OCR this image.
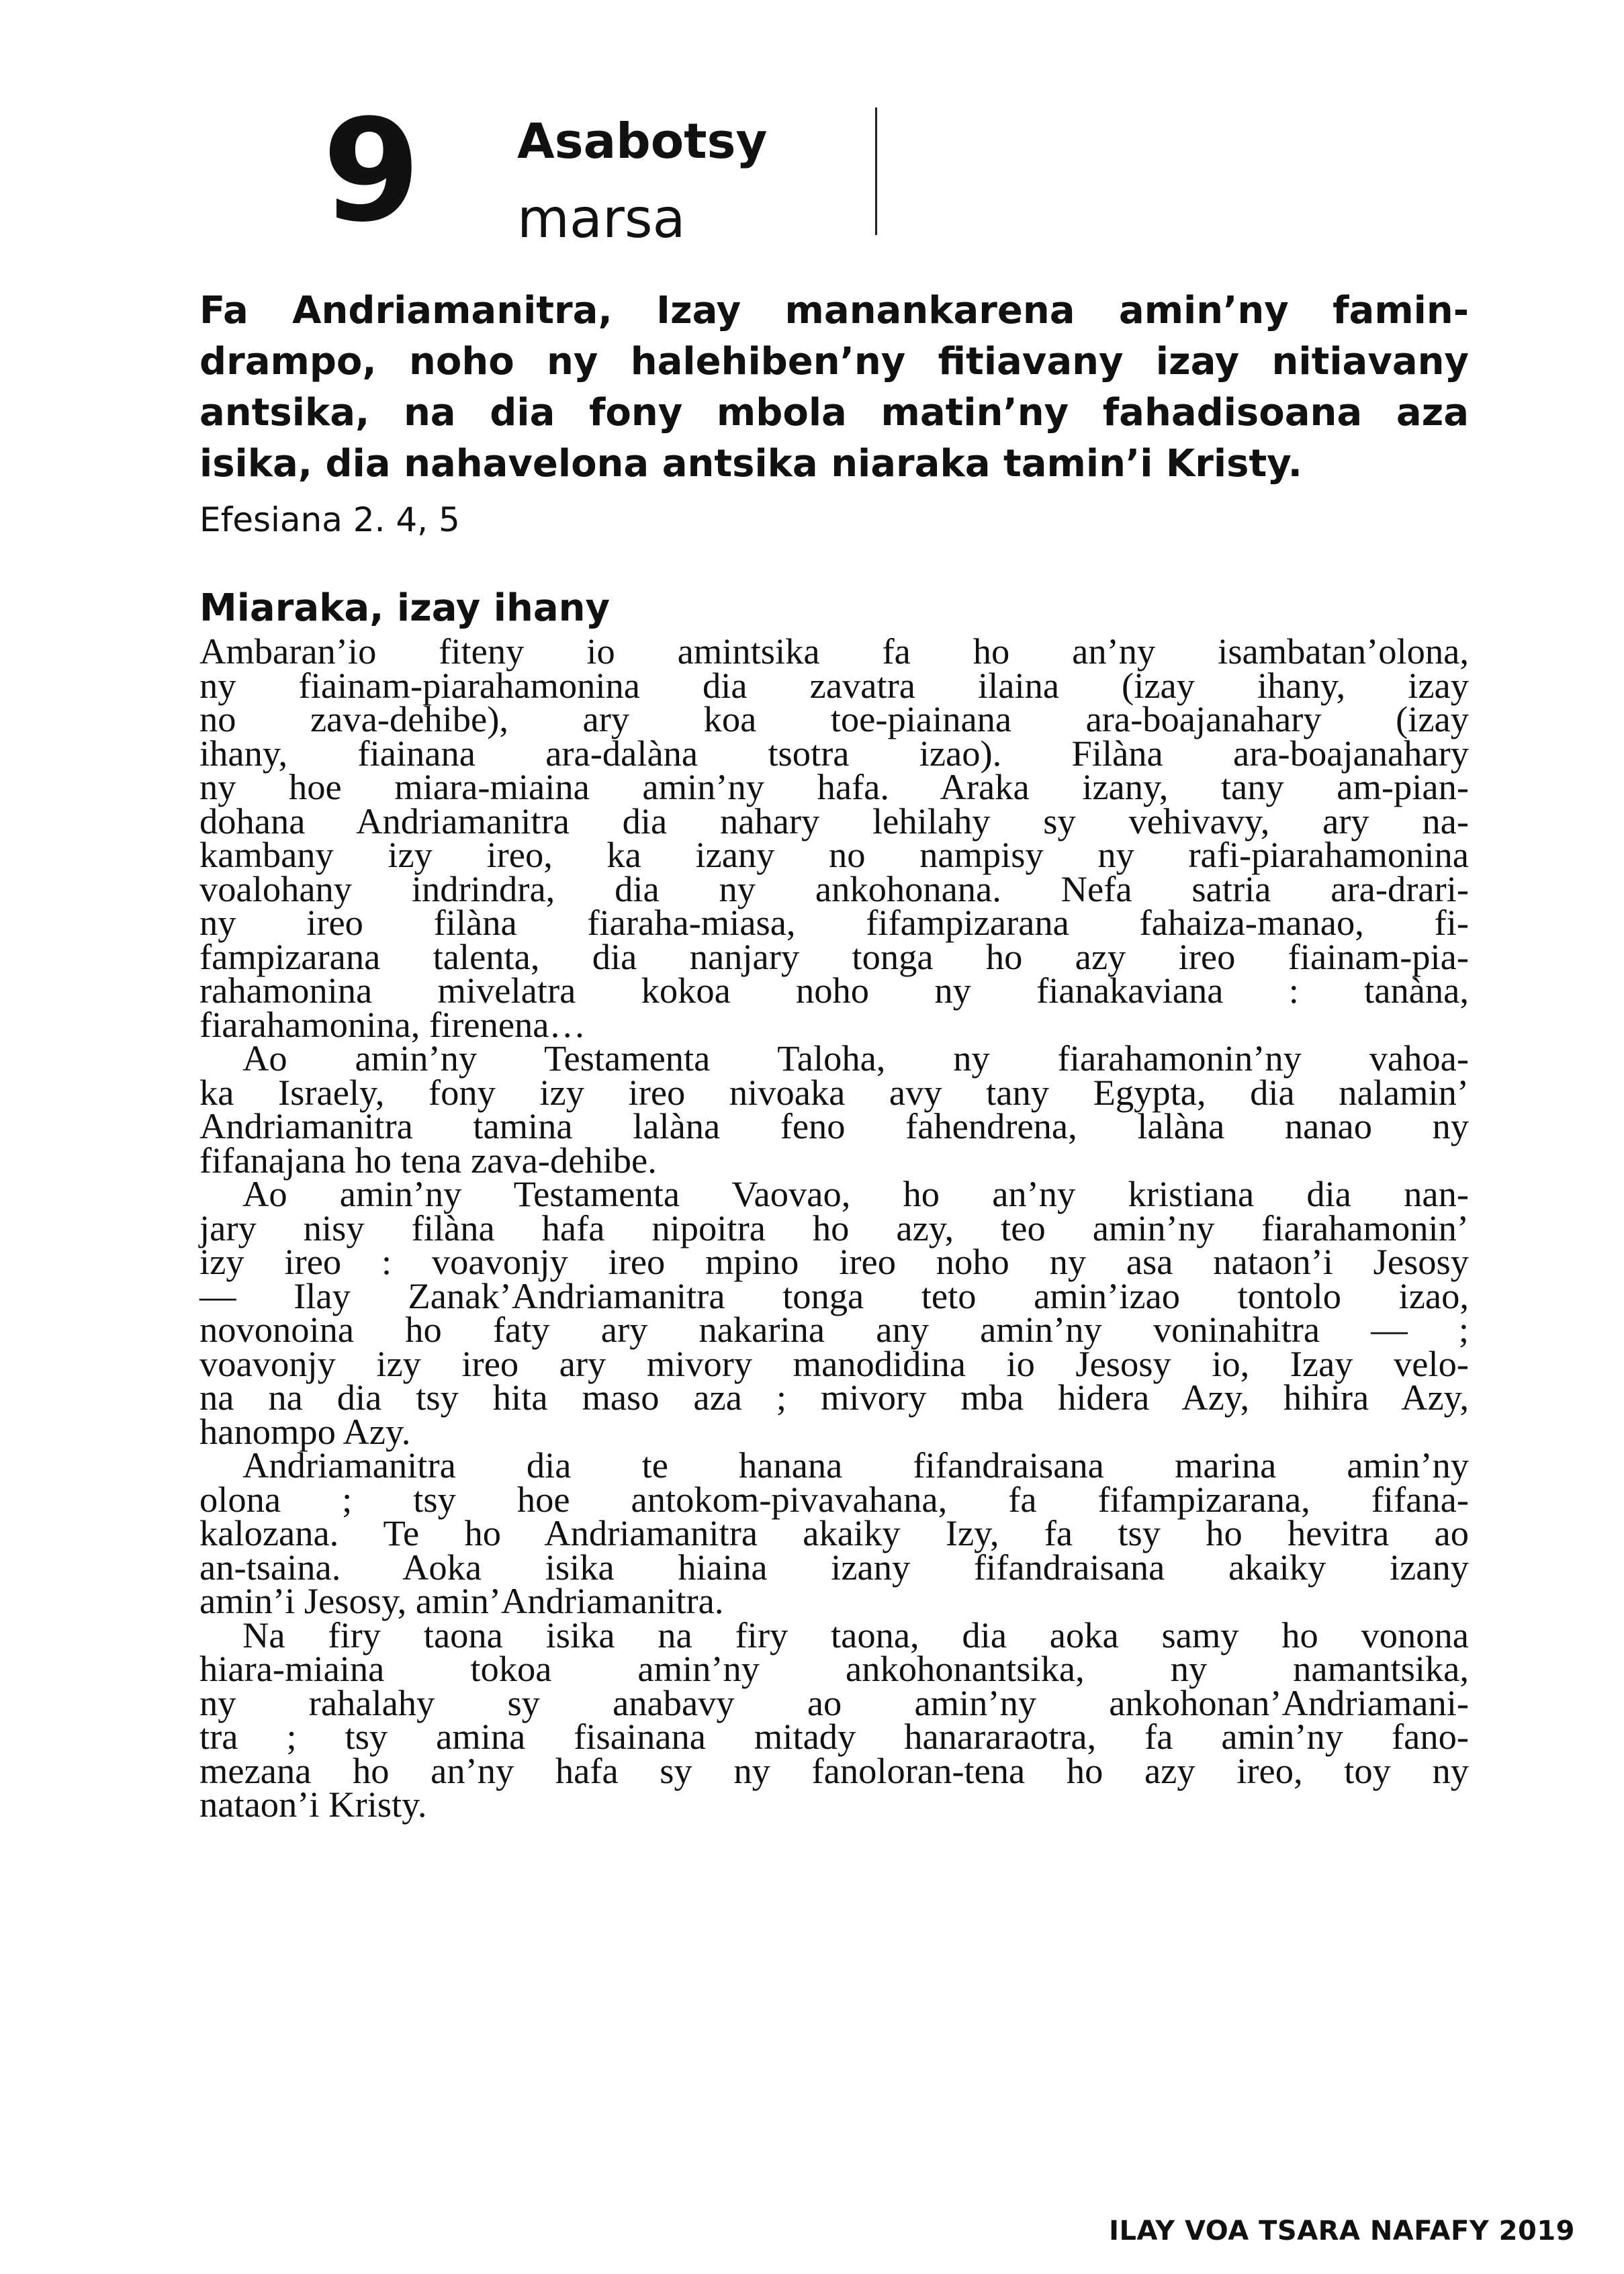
9 Asabotsy
marsa
Fa Andriamanitra, Izay manankarena amin’ny famin-
drampo, noho ny halehiben’ny fitiavany izay nitiavany
antsika, na dia fony mbola matin’ny fahadisoana aza
isika, dia nahavelona antsika niaraka tamin’i Kristy.
Efesiana 2. 4, 5
Miaraka, izay ihany
Ambaran’io fiteny io amintsika fa ho an’ny isambatan’olona,
ny fiainam-piarahamonina dia zavatra ilaina (izay ihany, izay
no zava-dehibe), ary koa toe-piainana ara-boajanahary (izay
ihany, fiainana ara-dalàna tsotra izao). Filàna ara-boajanahary
ny hoe miara-miaina amin’ny hafa. Araka izany, tany am-pian-
dohana Andriamanitra dia nahary lehilahy sy vehivavy, ary na-
kambany izy ireo, ka izany no nampisy ny rafi-piarahamonina
voalohany indrindra, dia ny ankohonana. Nefa satria ara-drari-
ny ireo filàna fiaraha-miasa, fifampizarana fahaiza-manao, fi-
fampizarana talenta, dia nanjary tonga ho azy ireo fiainam-pia-
rahamonina mivelatra kokoa noho ny fianakaviana : tanàna,
fiarahamonina, firenena…
Ao amin’ny Testamenta Taloha, ny fiarahamonin’ny vahoa-
ka Israely, fony izy ireo nivoaka avy tany Egypta, dia nalamin’
Andriamanitra tamina lalàna feno fahendrena, lalàna nanao ny
fifanajana ho tena zava-dehibe.
Ao amin’ny Testamenta Vaovao, ho an’ny kristiana dia nan-
jary nisy filàna hafa nipoitra ho azy, teo amin’ny fiarahamonin’
izy ireo : voavonjy ireo mpino ireo noho ny asa nataon’i Jesosy
— Ilay Zanak’Andriamanitra tonga teto amin’izao tontolo izao,
novonoina ho faty ary nakarina any amin’ny voninahitra — ;
voavonjy izy ireo ary mivory manodidina io Jesosy io, Izay velo-
na na dia tsy hita maso aza ; mivory mba hidera Azy, hihira Azy,
hanompo Azy.
Andriamanitra dia te hanana fifandraisana marina amin’ny
olona ; tsy hoe antokom-pivavahana, fa fifampizarana, fifana-
kalozana. Te ho Andriamanitra akaiky Izy, fa tsy ho hevitra ao
an-tsaina. Aoka isika hiaina izany fifandraisana akaiky izany
amin’i Jesosy, amin’Andriamanitra.
Na firy taona isika na firy taona, dia aoka samy ho vonona
hiara-miaina tokoa amin’ny ankohonantsika, ny namantsika,
ny rahalahy sy anabavy ao amin’ny ankohonan’Andriamani-
tra ; tsy amina fisainana mitady hanararaotra, fa amin’ny fano-
mezana ho an’ny hafa sy ny fanoloran-tena ho azy ireo, toy ny
nataon’i Kristy.
ILAY VOA TSARA NAFAFY 2019
